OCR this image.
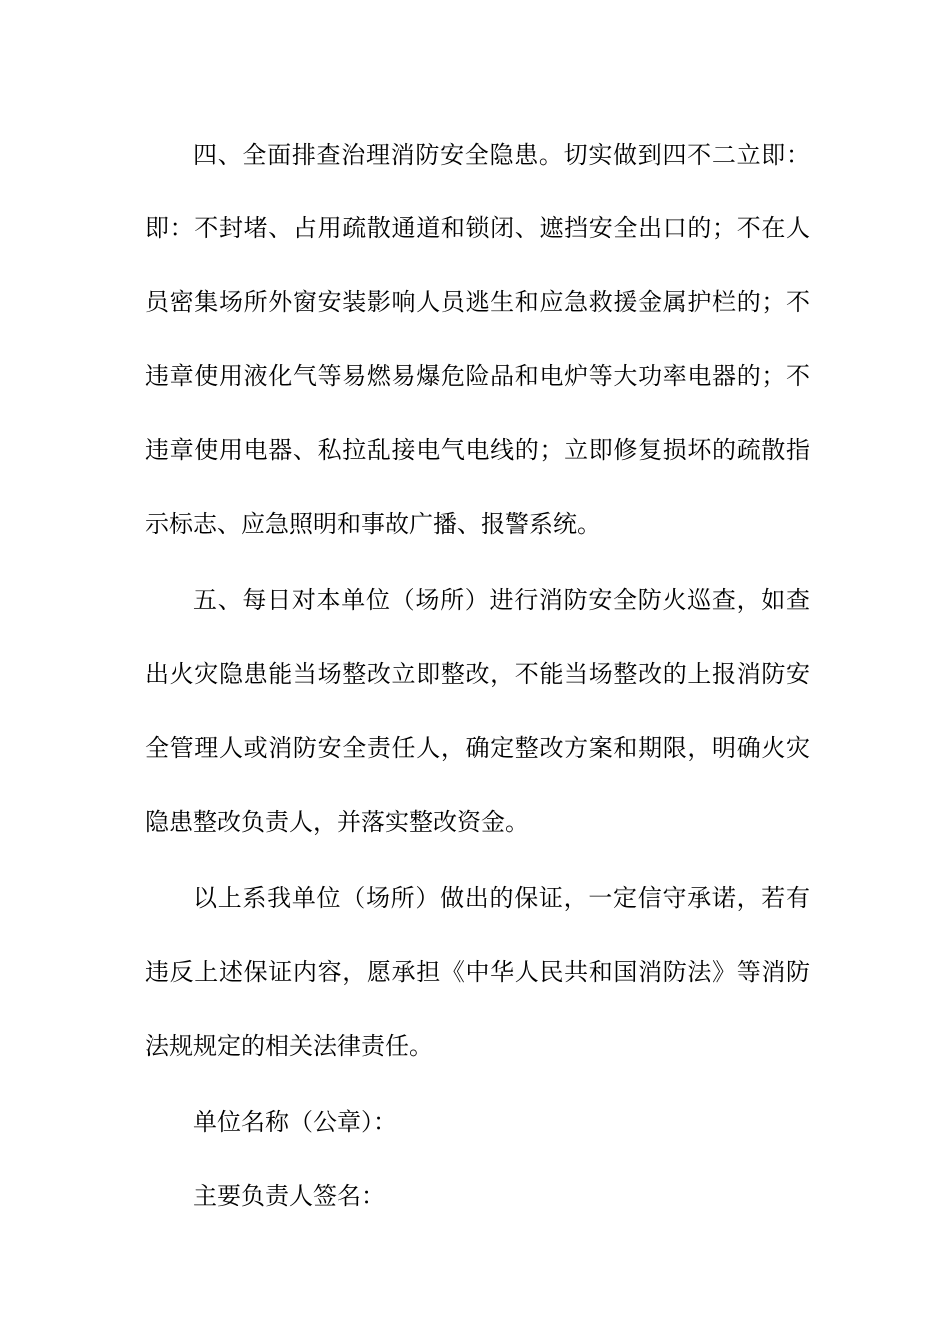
四、全面排查治理消防安全隐患。切实做到四不二立即：
即：不封堵、占用疏散通道和锁闭、遮挡安全出口的；不在人
员密集场所外窗安装影响人员逃生和应急救援金属护栏的；不
违章使用液化气等易燃易爆危险品和电炉等大功率电器的；不
违章使用电器、私拉乱接电气电线的；立即修复损坏的疏散指
示标志、应急照明和事故广播、报警系统。
五、每日对本单位（场所）进行消防安全防火巡查，如查
出火灾隐患能当场整改立即整改，不能当场整改的上报消防安
全管理人或消防安全责任人，确定整改方案和期限，明确火灾
隐患整改负责人，并落实整改资金。
以上系我单位（场所）做出的保证，一定信守承诺，若有
违反上述保证内容，愿承担《中华人民共和国消防法》等消防
法规规定的相关法律责任。
单位名称（公章）：
主要负责人签名：
